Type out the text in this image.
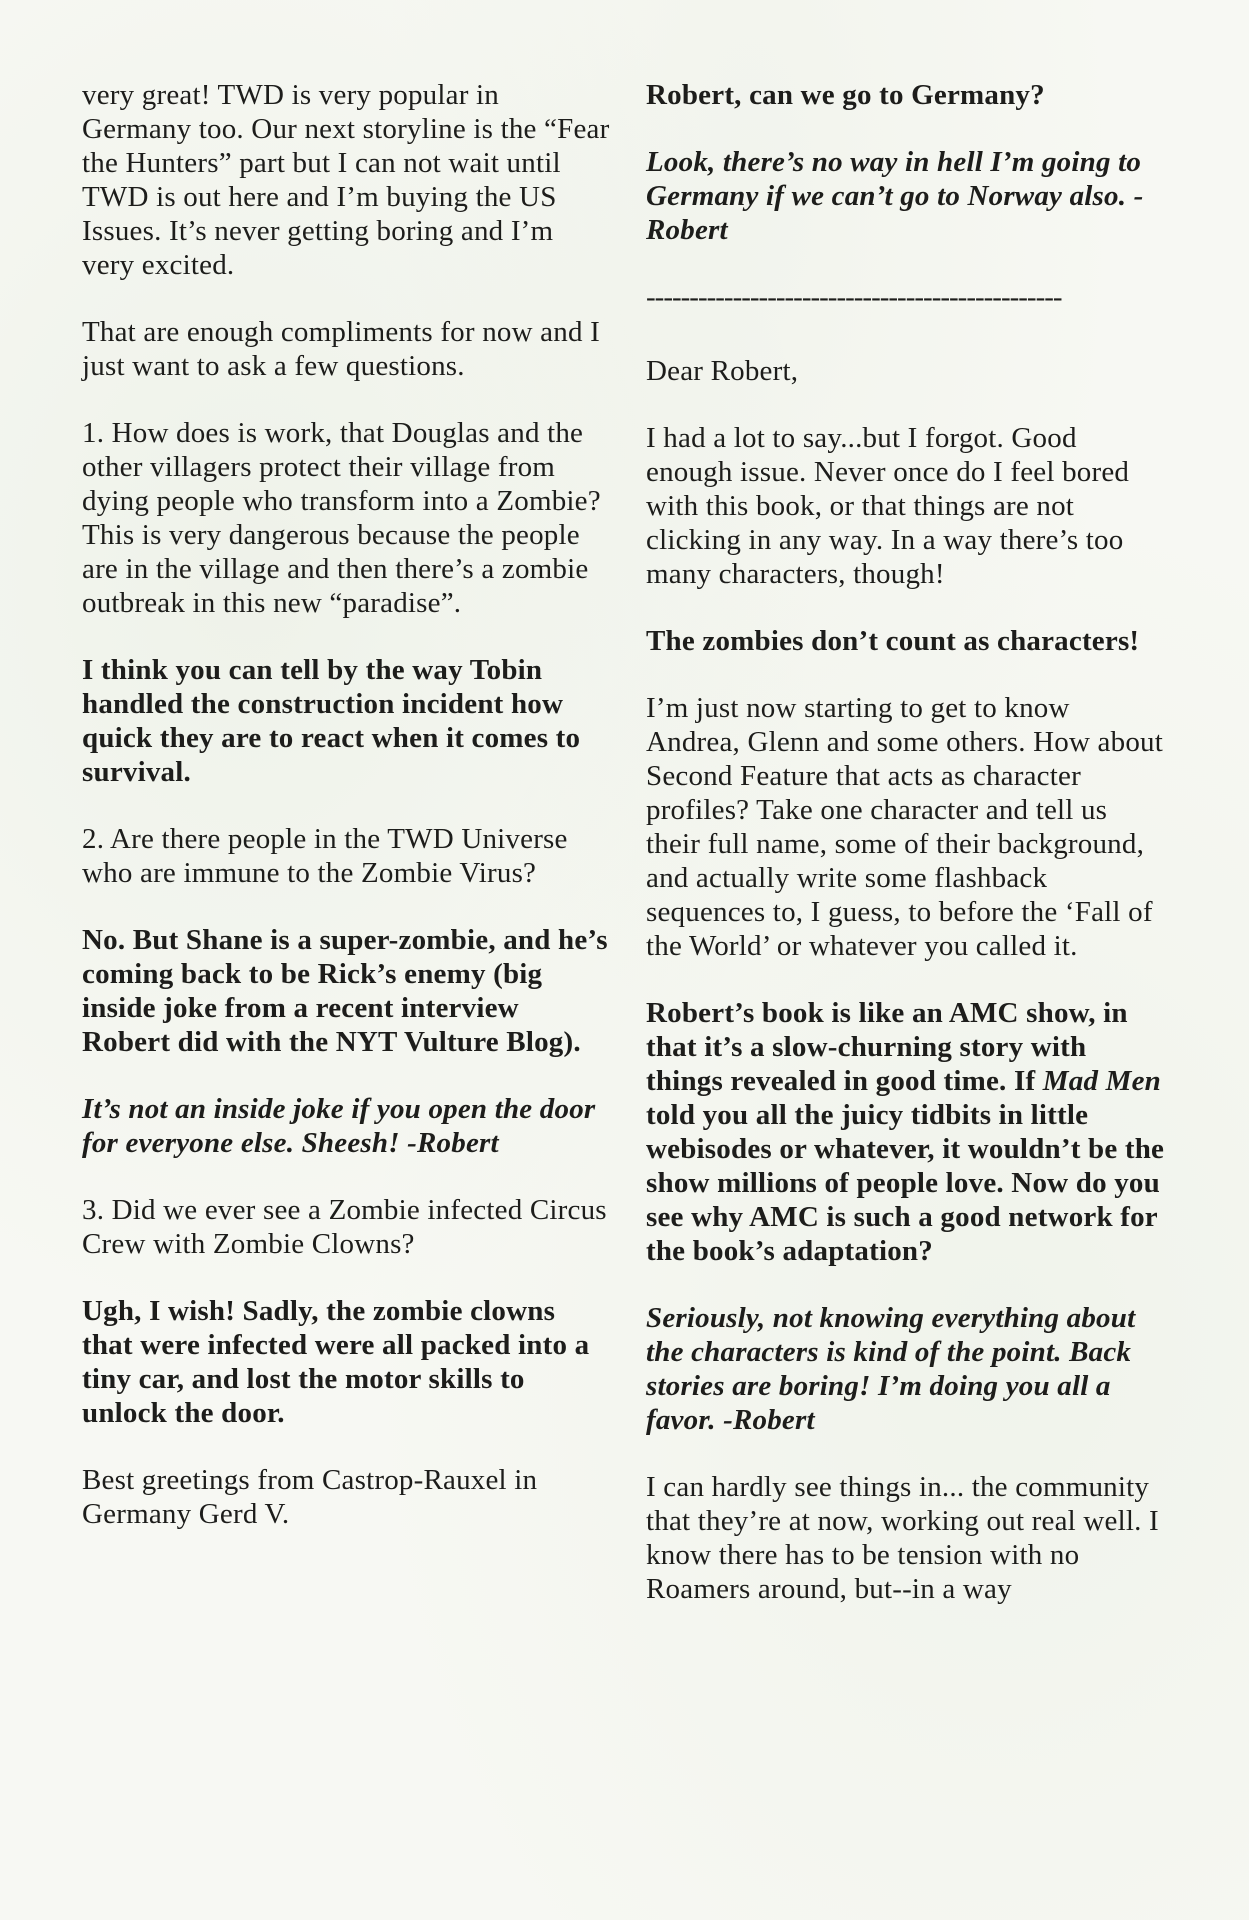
very great! TWD is very popular in Germany too. Our next storyline is the “Fear the Hunters” part but I can not wait until TWD is out here and I’m buying the US Issues. It’s never getting boring and I’m very excited.

That are enough compliments for now and I just want to ask a few questions.

1. How does is work, that Douglas and the other villagers protect their village from dying people who transform into a Zombie? This is very dangerous because the people are in the village and then there’s a zombie outbreak in this new “paradise”.

I think you can tell by the way Tobin handled the construction incident how quick they are to react when it comes to survival.

2. Are there people in the TWD Universe who are immune to the Zombie Virus?

No. But Shane is a super-zombie, and he’s coming back to be Rick’s enemy (big inside joke from a recent interview Robert did with the NYT Vulture Blog).

It’s not an inside joke if you open the door for everyone else. Sheesh! -Robert

3. Did we ever see a Zombie infected Circus Crew with Zombie Clowns?

Ugh, I wish! Sadly, the zombie clowns that were infected were all packed into a tiny car, and lost the motor skills to unlock the door.

Best greetings from Castrop-Rauxel in Germany Gerd V.

Robert, can we go to Germany?

Look, there’s no way in hell I’m going to Germany if we can’t go to Norway also. -Robert

------------------------------------------------

Dear Robert,

I had a lot to say...but I forgot. Good enough issue. Never once do I feel bored with this book, or that things are not clicking in any way. In a way there’s too many characters, though!

The zombies don’t count as characters!

I’m just now starting to get to know Andrea, Glenn and some others. How about Second Feature that acts as character profiles? Take one character and tell us their full name, some of their background, and actually write some flashback sequences to, I guess, to before the ‘Fall of the World’ or whatever you called it.

Robert’s book is like an AMC show, in that it’s a slow-churning story with things revealed in good time. If Mad Men told you all the juicy tidbits in little webisodes or whatever, it wouldn’t be the show millions of people love. Now do you see why AMC is such a good network for the book’s adaptation?

Seriously, not knowing everything about the characters is kind of the point. Back stories are boring! I’m doing you all a favor. -Robert

I can hardly see things in... the community that they’re at now, working out real well. I know there has to be tension with no Roamers around, but--in a way
